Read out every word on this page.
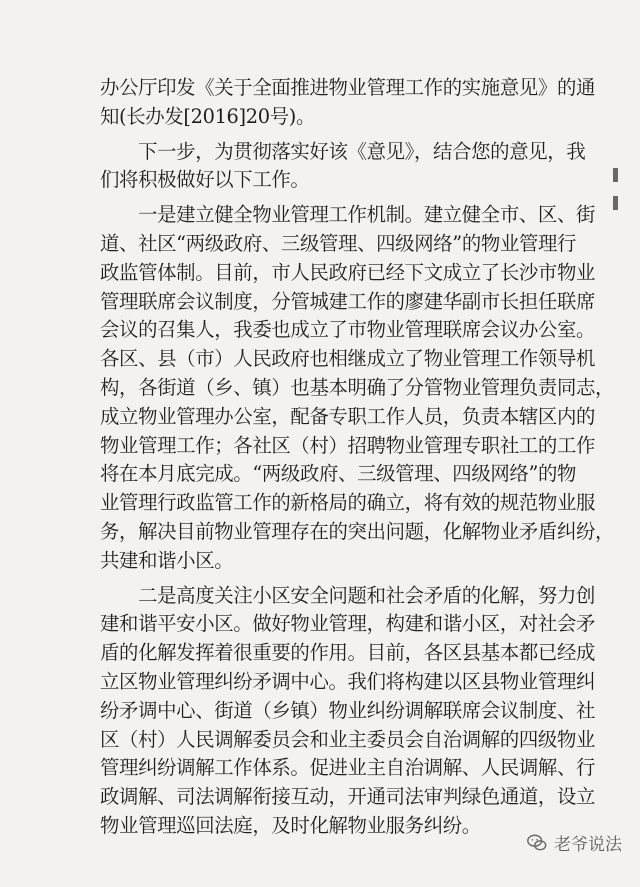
办公厅印发《关于全面推进物业管理工作的实施意见》的通
知(长办发[2016]20号)。
　　下一步，为贯彻落实好该《意见》，结合您的意见，我
们将积极做好以下工作。
　　一是建立健全物业管理工作机制。建立健全市、区、街
道、社区“两级政府、三级管理、四级网络”的物业管理行
政监管体制。目前，市人民政府已经下文成立了长沙市物业
管理联席会议制度，分管城建工作的廖建华副市长担任联席
会议的召集人，我委也成立了市物业管理联席会议办公室。
各区、县（市）人民政府也相继成立了物业管理工作领导机
构，各街道（乡、镇）也基本明确了分管物业管理负责同志，
成立物业管理办公室，配备专职工作人员，负责本辖区内的
物业管理工作；各社区（村）招聘物业管理专职社工的工作
将在本月底完成。“两级政府、三级管理、四级网络”的物
业管理行政监管工作的新格局的确立，将有效的规范物业服
务，解决目前物业管理存在的突出问题，化解物业矛盾纠纷，
共建和谐小区。
　　二是高度关注小区安全问题和社会矛盾的化解，努力创
建和谐平安小区。做好物业管理，构建和谐小区，对社会矛
盾的化解发挥着很重要的作用。目前，各区县基本都已经成
立区物业管理纠纷矛调中心。我们将构建以区县物业管理纠
纷矛调中心、街道（乡镇）物业纠纷调解联席会议制度、社
区（村）人民调解委员会和业主委员会自治调解的四级物业
管理纠纷调解工作体系。促进业主自治调解、人民调解、行
政调解、司法调解衔接互动，开通司法审判绿色通道，设立
物业管理巡回法庭，及时化解物业服务纠纷。
老爷说法
